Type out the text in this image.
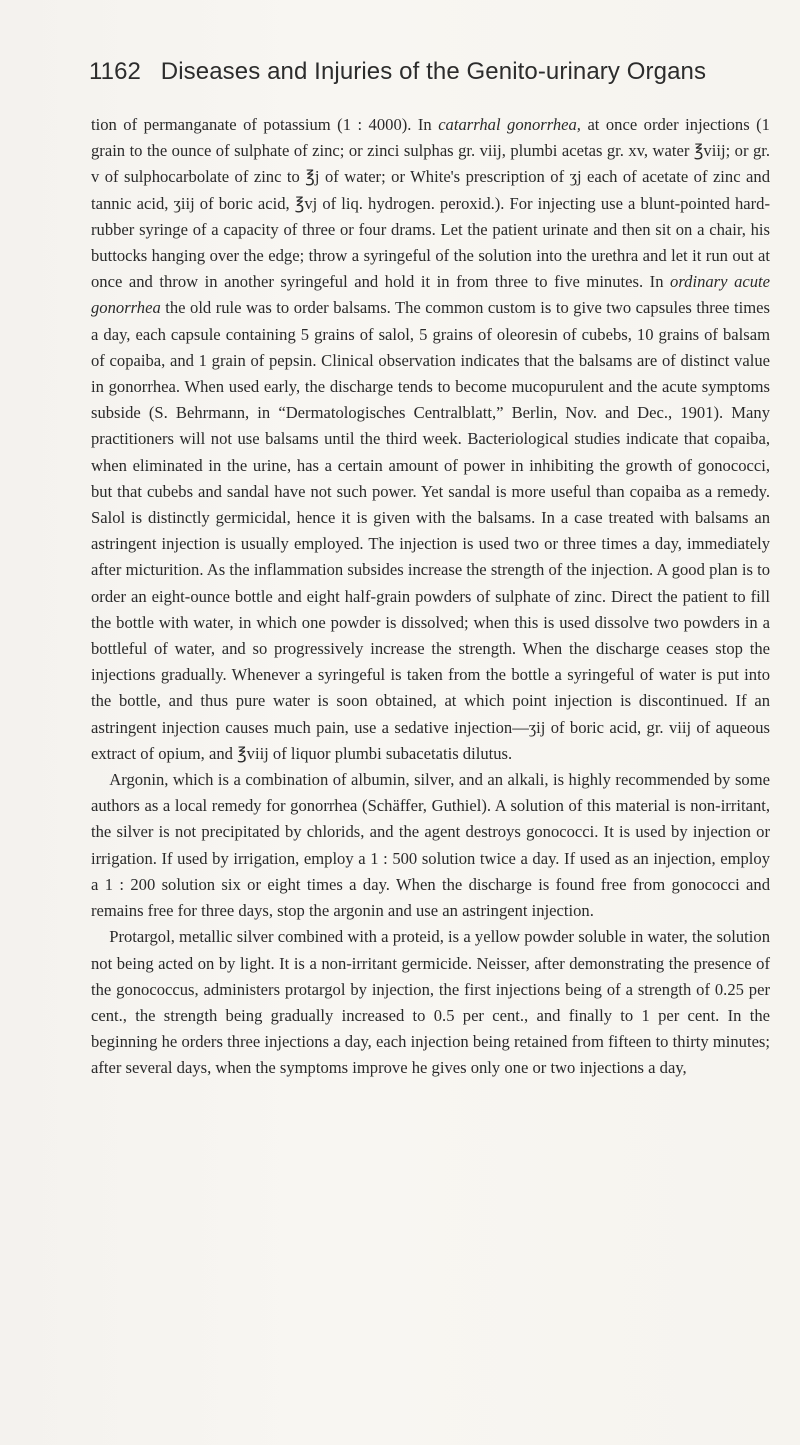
1162 Diseases and Injuries of the Genito-urinary Organs

tion of permanganate of potassium (1 : 4000). In catarrhal gonorrhea, at once order injections (1 grain to the ounce of sulphate of zinc; or zinci sulphas gr. viij, plumbi acetas gr. xv, water ℥viij; or gr. v of sulphocarbolate of zinc to ℥j of water; or White's prescription of ʒj each of acetate of zinc and tannic acid, ʒiij of boric acid, ℥vj of liq. hydrogen. peroxid.). For injecting use a blunt-pointed hard-rubber syringe of a capacity of three or four drams. Let the patient urinate and then sit on a chair, his buttocks hanging over the edge; throw a syringeful of the solution into the urethra and let it run out at once and throw in another syringeful and hold it in from three to five minutes. In ordinary acute gonorrhea the old rule was to order balsams. The common custom is to give two capsules three times a day, each capsule containing 5 grains of salol, 5 grains of oleoresin of cubebs, 10 grains of balsam of copaiba, and 1 grain of pepsin. Clinical observation indicates that the balsams are of distinct value in gonorrhea. When used early, the discharge tends to become mucopurulent and the acute symptoms subside (S. Behrmann, in “Dermatologisches Centralblatt,” Berlin, Nov. and Dec., 1901). Many practitioners will not use balsams until the third week. Bacteriological studies indicate that copaiba, when eliminated in the urine, has a certain amount of power in inhibiting the growth of gonococci, but that cubebs and sandal have not such power. Yet sandal is more useful than copaiba as a remedy. Salol is distinctly germicidal, hence it is given with the balsams. In a case treated with balsams an astringent injection is usually employed. The injection is used two or three times a day, immediately after micturition. As the inflammation subsides increase the strength of the injection. A good plan is to order an eight-ounce bottle and eight half-grain powders of sulphate of zinc. Direct the patient to fill the bottle with water, in which one powder is dissolved; when this is used dissolve two powders in a bottleful of water, and so progressively increase the strength. When the discharge ceases stop the injections gradually. Whenever a syringeful is taken from the bottle a syringeful of water is put into the bottle, and thus pure water is soon obtained, at which point injection is discontinued. If an astringent injection causes much pain, use a sedative injection—ʒij of boric acid, gr. viij of aqueous extract of opium, and ℥viij of liquor plumbi subacetatis dilutus.

Argonin, which is a combination of albumin, silver, and an alkali, is highly recommended by some authors as a local remedy for gonorrhea (Schäffer, Guthiel). A solution of this material is non-irritant, the silver is not precipitated by chlorids, and the agent destroys gonococci. It is used by injection or irrigation. If used by irrigation, employ a 1 : 500 solution twice a day. If used as an injection, employ a 1 : 200 solution six or eight times a day. When the discharge is found free from gonococci and remains free for three days, stop the argonin and use an astringent injection.

Protargol, metallic silver combined with a proteid, is a yellow powder soluble in water, the solution not being acted on by light. It is a non-irritant germicide. Neisser, after demonstrating the presence of the gonococcus, administers protargol by injection, the first injections being of a strength of 0.25 per cent., the strength being gradually increased to 0.5 per cent., and finally to 1 per cent. In the beginning he orders three injections a day, each injection being retained from fifteen to thirty minutes; after several days, when the symptoms improve he gives only one or two injections a day,
